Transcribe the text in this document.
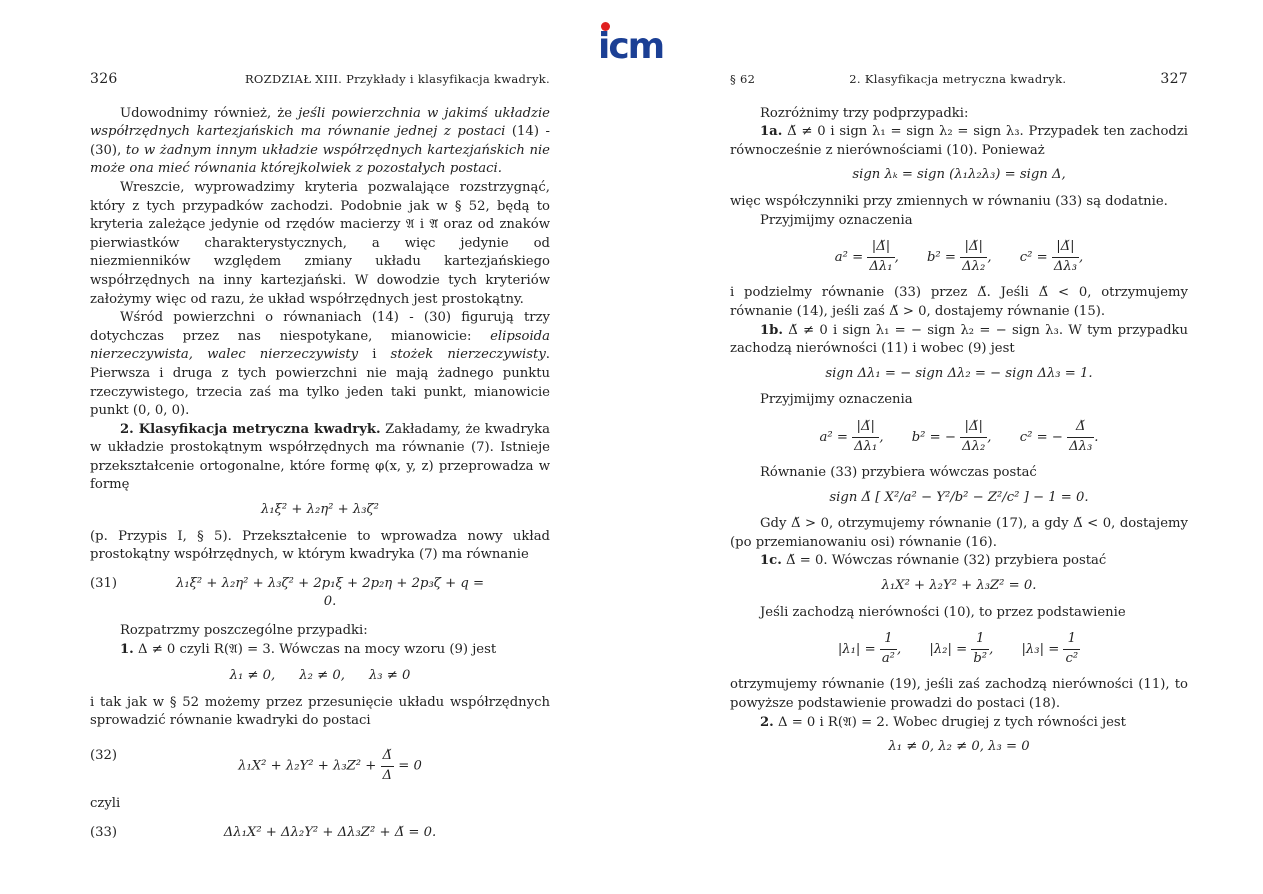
icm
326	ROZDZIAŁ XIII. Przykłady i klasyfikacja kwadryk.

Udowodnimy również, że jeśli powierzchnia w jakimś układzie współrzędnych kartezjańskich ma równanie jednej z postaci (14) - (30), to w żadnym innym układzie współrzędnych kartezjańskich nie może ona mieć równania którejkolwiek z pozostałych postaci.

Wreszcie, wyprowadzimy kryteria pozwalające rozstrzygnąć, który z tych przypadków zachodzi. Podobnie jak w § 52, będą to kryteria zależące jedynie od rzędów macierzy 𝔄 i 𝔄̆ oraz od znaków pierwiastków charakterystycznych, a więc jedynie od niezmienników względem zmiany układu kartezjańskiego współrzędnych na inny kartezjański. W dowodzie tych kryteriów założymy więc od razu, że układ współrzędnych jest prostokątny.

Wśród powierzchni o równaniach (14) - (30) figurują trzy dotychczas przez nas niespotykane, mianowicie: elipsoida nierzeczywista, walec nierzeczywisty i stożek nierzeczywisty. Pierwsza i druga z tych powierzchni nie mają żadnego punktu rzeczywistego, trzecia zaś ma tylko jeden taki punkt, mianowicie punkt (0, 0, 0).

2. Klasyfikacja metryczna kwadryk. Zakładamy, że kwadryka w układzie prostokątnym współrzędnych ma równanie (7). Istnieje przekształcenie ortogonalne, które formę φ(x, y, z) przeprowadza w formę

λ₁ξ² + λ₂η² + λ₃ζ²

(p. Przypis I, § 5). Przekształcenie to wprowadza nowy układ prostokątny współrzędnych, w którym kwadryka (7) ma równanie

(31)	λ₁ξ² + λ₂η² + λ₃ζ² + 2p₁ξ + 2p₂η + 2p₃ζ + q = 0.

Rozpatrzmy poszczególne przypadki:

1. Δ ≠ 0 czyli R(𝔄) = 3. Wówczas na mocy wzoru (9) jest

λ₁ ≠ 0, λ₂ ≠ 0, λ₃ ≠ 0

i tak jak w § 52 możemy przez przesunięcie układu współrzędnych sprowadzić równanie kwadryki do postaci

(32)
$\lambda_1X^2 + \lambda_2Y^2 + \lambda_3Z^2 + \frac{\Deltă}{\Delta} = 0$

czyli

(33)	Δλ₁X² + Δλ₂Y² + Δλ₃Z² + Δ̆ = 0.
§ 62	2. Klasyfikacja metryczna kwadryk.	327

Rozróżnimy trzy podprzypadki:

1a. Δ̆ ≠ 0 i sign λ₁ = sign λ₂ = sign λ₃. Przypadek ten zachodzi równocześnie z nierównościami (10). Ponieważ

sign λₖ = sign (λ₁λ₂λ₃) = sign Δ,

więc współczynniki przy zmiennych w równaniu (33) są dodatnie.

Przyjmijmy oznaczenia

$a^2 = \frac{|\Deltă|}{\text{Δλ₁}}$ , $b^2 = \frac{|\Deltă|}{\text{Δλ₂}}$ , $c^2 = \frac{|\Deltă|}{\text{Δλ₃}}$ ,

i podzielmy równanie (33) przez Δ̆. Jeśli Δ̆ < 0, otrzymujemy równanie (14), jeśli zaś Δ̆ > 0, dostajemy równanie (15).

1b. Δ̆ ≠ 0 i sign λ₁ = − sign λ₂ = − sign λ₃. W tym przypadku zachodzą nierówności (11) i wobec (9) jest

sign Δλ₁ = − sign Δλ₂ = − sign Δλ₃ = 1.

Przyjmijmy oznaczenia

$a^2 = \frac{|\Deltă|}{\text{Δλ₁}}$ , b² = − $\frac{|\Deltă|}{\text{Δλ₂}}$ , c² = − $\frac{\Deltă}{\text{Δλ₃}}$ .

Równanie (33) przybiera wówczas postać

sign Δ̆ [ X²/a² − Y²/b² − Z²/c² ] − 1 = 0.

Gdy Δ̆ > 0, otrzymujemy równanie (17), a gdy Δ̆ < 0, dostajemy (po przemianowaniu osi) równanie (16).

1c. Δ̆ = 0. Wówczas równanie (32) przybiera postać

λ₁X² + λ₂Y² + λ₃Z² = 0.

Jeśli zachodzą nierówności (10), to przez podstawienie

$|\lambda_1| = \frac{1}{\text{a²}}$ , $|\lambda_2| = \frac{1}{\text{b²}}$ , $|\lambda_3| = \frac{1}{\text{c²}}$

otrzymujemy równanie (19), jeśli zaś zachodzą nierówności (11), to powyższe podstawienie prowadzi do postaci (18).

2. Δ = 0 i R(𝔄) = 2. Wobec drugiej z tych równości jest

λ₁ ≠ 0, λ₂ ≠ 0, λ₃ = 0
